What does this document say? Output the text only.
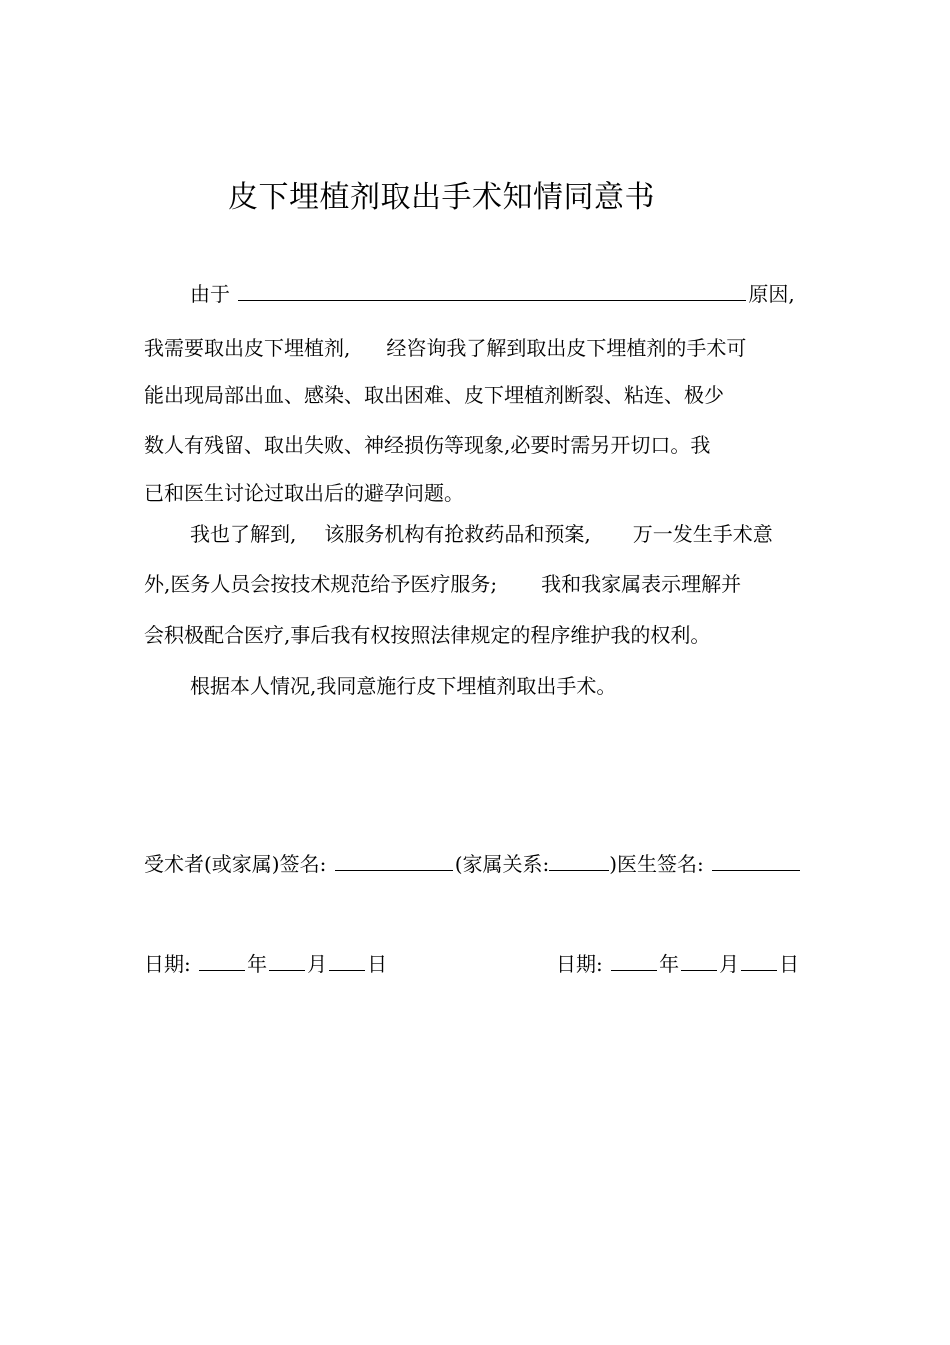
皮下埋植剂取出手术知情同意书
由于	原因,
我需要取出皮下埋植剂, 经咨询我了解到取出皮下埋植剂的手术可
能出现局部出血、感染、取出困难、皮下埋植剂断裂、粘连、极少
数人有残留、取出失败、神经损伤等现象,必要时需另开切口。我
已和医生讨论过取出后的避孕问题。
我也了解到, 该服务机构有抢救药品和预案, 万一发生手术意
外,医务人员会按技术规范给予医疗服务; 我和我家属表示理解并
会积极配合医疗,事后我有权按照法律规定的程序维护我的权利。
根据本人情况,我同意施行皮下埋植剂取出手术。
受术者(或家属)签名:	(家属关系:	)医生签名:
日期:	年 月 日	日期:	年 月 日
